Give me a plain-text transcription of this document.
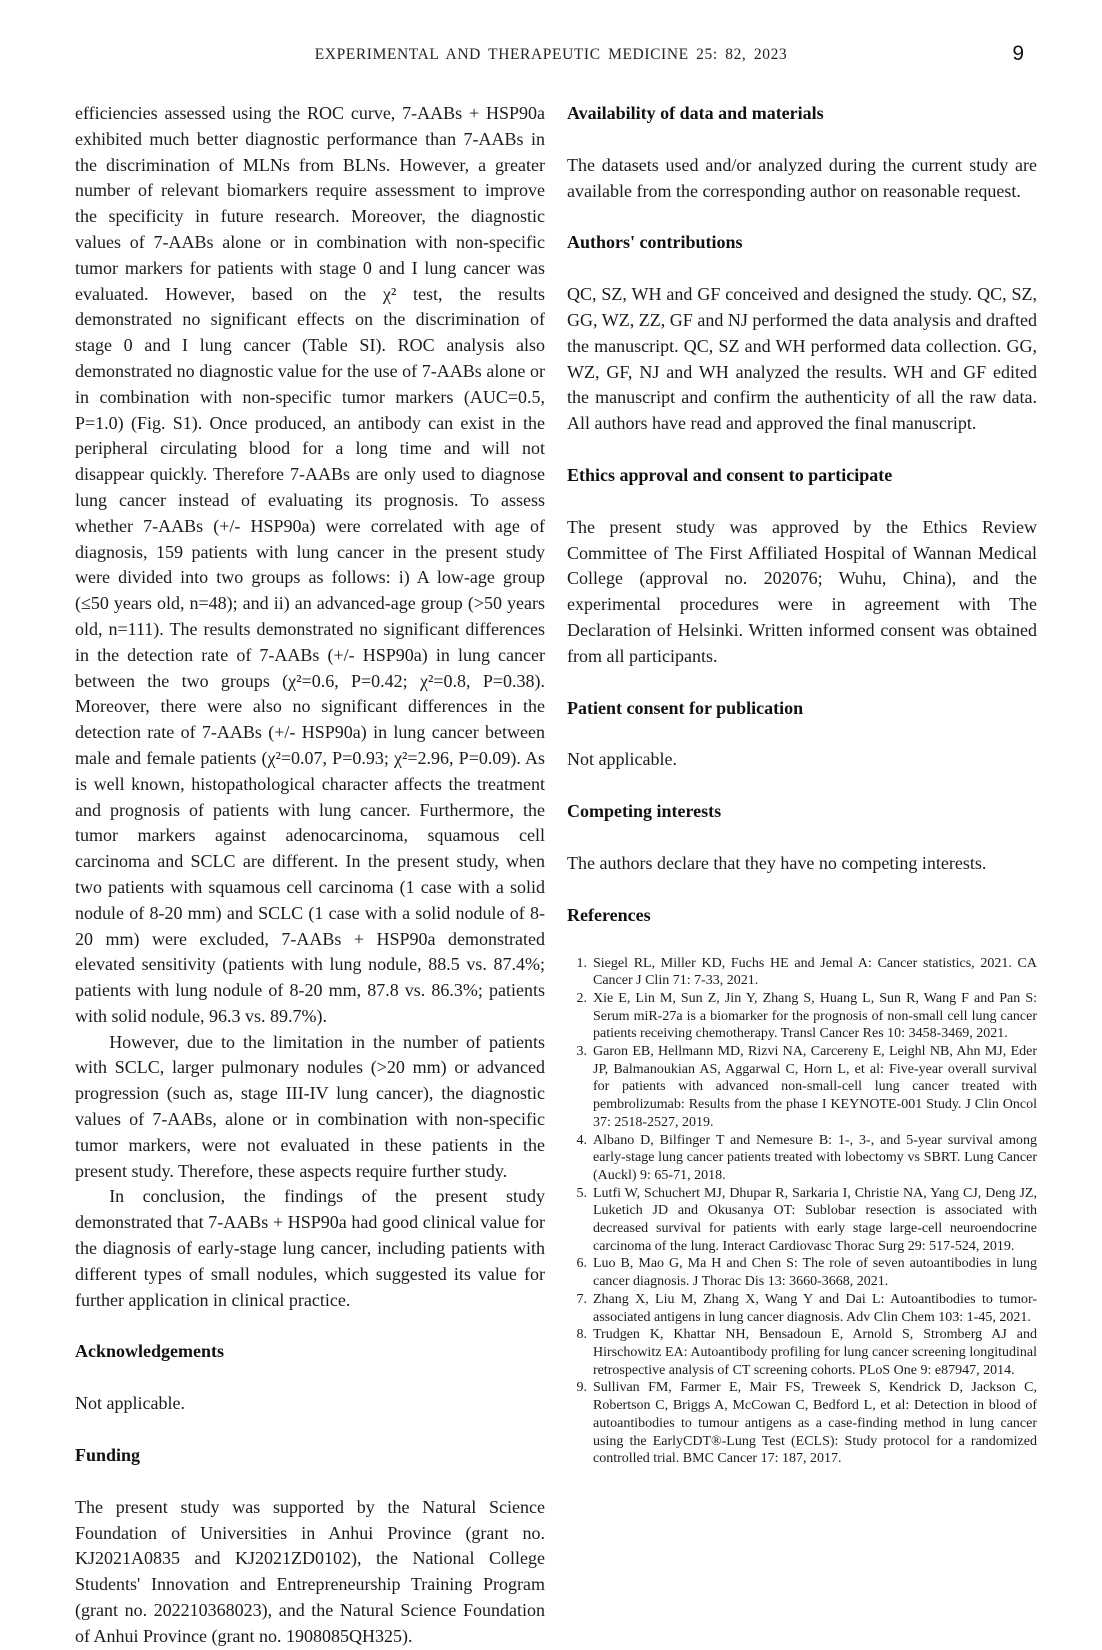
EXPERIMENTAL AND THERAPEUTIC MEDICINE 25: 82, 2023	9

efficiencies assessed using the ROC curve, 7-AABs + HSP90a exhibited much better diagnostic performance than 7-AABs in the discrimination of MLNs from BLNs. However, a greater number of relevant biomarkers require assessment to improve the specificity in future research. Moreover, the diagnostic values of 7-AABs alone or in combination with non-specific tumor markers for patients with stage 0 and I lung cancer was evaluated. However, based on the χ² test, the results demonstrated no significant effects on the discrimination of stage 0 and I lung cancer (Table SI). ROC analysis also demonstrated no diagnostic value for the use of 7-AABs alone or in combination with non-specific tumor markers (AUC=0.5, P=1.0) (Fig. S1). Once produced, an antibody can exist in the peripheral circulating blood for a long time and will not disappear quickly. Therefore 7-AABs are only used to diagnose lung cancer instead of evaluating its prognosis. To assess whether 7-AABs (+/- HSP90a) were correlated with age of diagnosis, 159 patients with lung cancer in the present study were divided into two groups as follows: i) A low-age group (≤50 years old, n=48); and ii) an advanced-age group (>50 years old, n=111). The results demonstrated no significant differences in the detection rate of 7-AABs (+/- HSP90a) in lung cancer between the two groups (χ²=0.6, P=0.42; χ²=0.8, P=0.38). Moreover, there were also no significant differences in the detection rate of 7-AABs (+/- HSP90a) in lung cancer between male and female patients (χ²=0.07, P=0.93; χ²=2.96, P=0.09). As is well known, histopathological character affects the treatment and prognosis of patients with lung cancer. Furthermore, the tumor markers against adenocarcinoma, squamous cell carcinoma and SCLC are different. In the present study, when two patients with squamous cell carcinoma (1 case with a solid nodule of 8-20 mm) and SCLC (1 case with a solid nodule of 8-20 mm) were excluded, 7-AABs + HSP90a demonstrated elevated sensitivity (patients with lung nodule, 88.5 vs. 87.4%; patients with lung nodule of 8-20 mm, 87.8 vs. 86.3%; patients with solid nodule, 96.3 vs. 89.7%).

However, due to the limitation in the number of patients with SCLC, larger pulmonary nodules (>20 mm) or advanced progression (such as, stage III-IV lung cancer), the diagnostic values of 7-AABs, alone or in combination with non-specific tumor markers, were not evaluated in these patients in the present study. Therefore, these aspects require further study.

In conclusion, the findings of the present study demonstrated that 7-AABs + HSP90a had good clinical value for the diagnosis of early-stage lung cancer, including patients with different types of small nodules, which suggested its value for further application in clinical practice.

Acknowledgements

Not applicable.

Funding

The present study was supported by the Natural Science Foundation of Universities in Anhui Province (grant no. KJ2021A0835 and KJ2021ZD0102), the National College Students' Innovation and Entrepreneurship Training Program (grant no. 202210368023), and the Natural Science Foundation of Anhui Province (grant no. 1908085QH325).

Availability of data and materials

The datasets used and/or analyzed during the current study are available from the corresponding author on reasonable request.

Authors' contributions

QC, SZ, WH and GF conceived and designed the study. QC, SZ, GG, WZ, ZZ, GF and NJ performed the data analysis and drafted the manuscript. QC, SZ and WH performed data collection. GG, WZ, GF, NJ and WH analyzed the results. WH and GF edited the manuscript and confirm the authenticity of all the raw data. All authors have read and approved the final manuscript.

Ethics approval and consent to participate

The present study was approved by the Ethics Review Committee of The First Affiliated Hospital of Wannan Medical College (approval no. 202076; Wuhu, China), and the experimental procedures were in agreement with The Declaration of Helsinki. Written informed consent was obtained from all participants.

Patient consent for publication

Not applicable.

Competing interests

The authors declare that they have no competing interests.

References
1. Siegel RL, Miller KD, Fuchs HE and Jemal A: Cancer statistics, 2021. CA Cancer J Clin 71: 7-33, 2021.
2. Xie E, Lin M, Sun Z, Jin Y, Zhang S, Huang L, Sun R, Wang F and Pan S: Serum miR-27a is a biomarker for the prognosis of non-small cell lung cancer patients receiving chemotherapy. Transl Cancer Res 10: 3458-3469, 2021.
3. Garon EB, Hellmann MD, Rizvi NA, Carcereny E, Leighl NB, Ahn MJ, Eder JP, Balmanoukian AS, Aggarwal C, Horn L, et al: Five-year overall survival for patients with advanced non-small-cell lung cancer treated with pembrolizumab: Results from the phase I KEYNOTE-001 Study. J Clin Oncol 37: 2518-2527, 2019.
4. Albano D, Bilfinger T and Nemesure B: 1-, 3-, and 5-year survival among early-stage lung cancer patients treated with lobectomy vs SBRT. Lung Cancer (Auckl) 9: 65-71, 2018.
5. Lutfi W, Schuchert MJ, Dhupar R, Sarkaria I, Christie NA, Yang CJ, Deng JZ, Luketich JD and Okusanya OT: Sublobar resection is associated with decreased survival for patients with early stage large-cell neuroendocrine carcinoma of the lung. Interact Cardiovasc Thorac Surg 29: 517-524, 2019.
6. Luo B, Mao G, Ma H and Chen S: The role of seven autoantibodies in lung cancer diagnosis. J Thorac Dis 13: 3660-3668, 2021.
7. Zhang X, Liu M, Zhang X, Wang Y and Dai L: Autoantibodies to tumor-associated antigens in lung cancer diagnosis. Adv Clin Chem 103: 1-45, 2021.
8. Trudgen K, Khattar NH, Bensadoun E, Arnold S, Stromberg AJ and Hirschowitz EA: Autoantibody profiling for lung cancer screening longitudinal retrospective analysis of CT screening cohorts. PLoS One 9: e87947, 2014.
9. Sullivan FM, Farmer E, Mair FS, Treweek S, Kendrick D, Jackson C, Robertson C, Briggs A, McCowan C, Bedford L, et al: Detection in blood of autoantibodies to tumour antigens as a case-finding method in lung cancer using the EarlyCDT®-Lung Test (ECLS): Study protocol for a randomized controlled trial. BMC Cancer 17: 187, 2017.
